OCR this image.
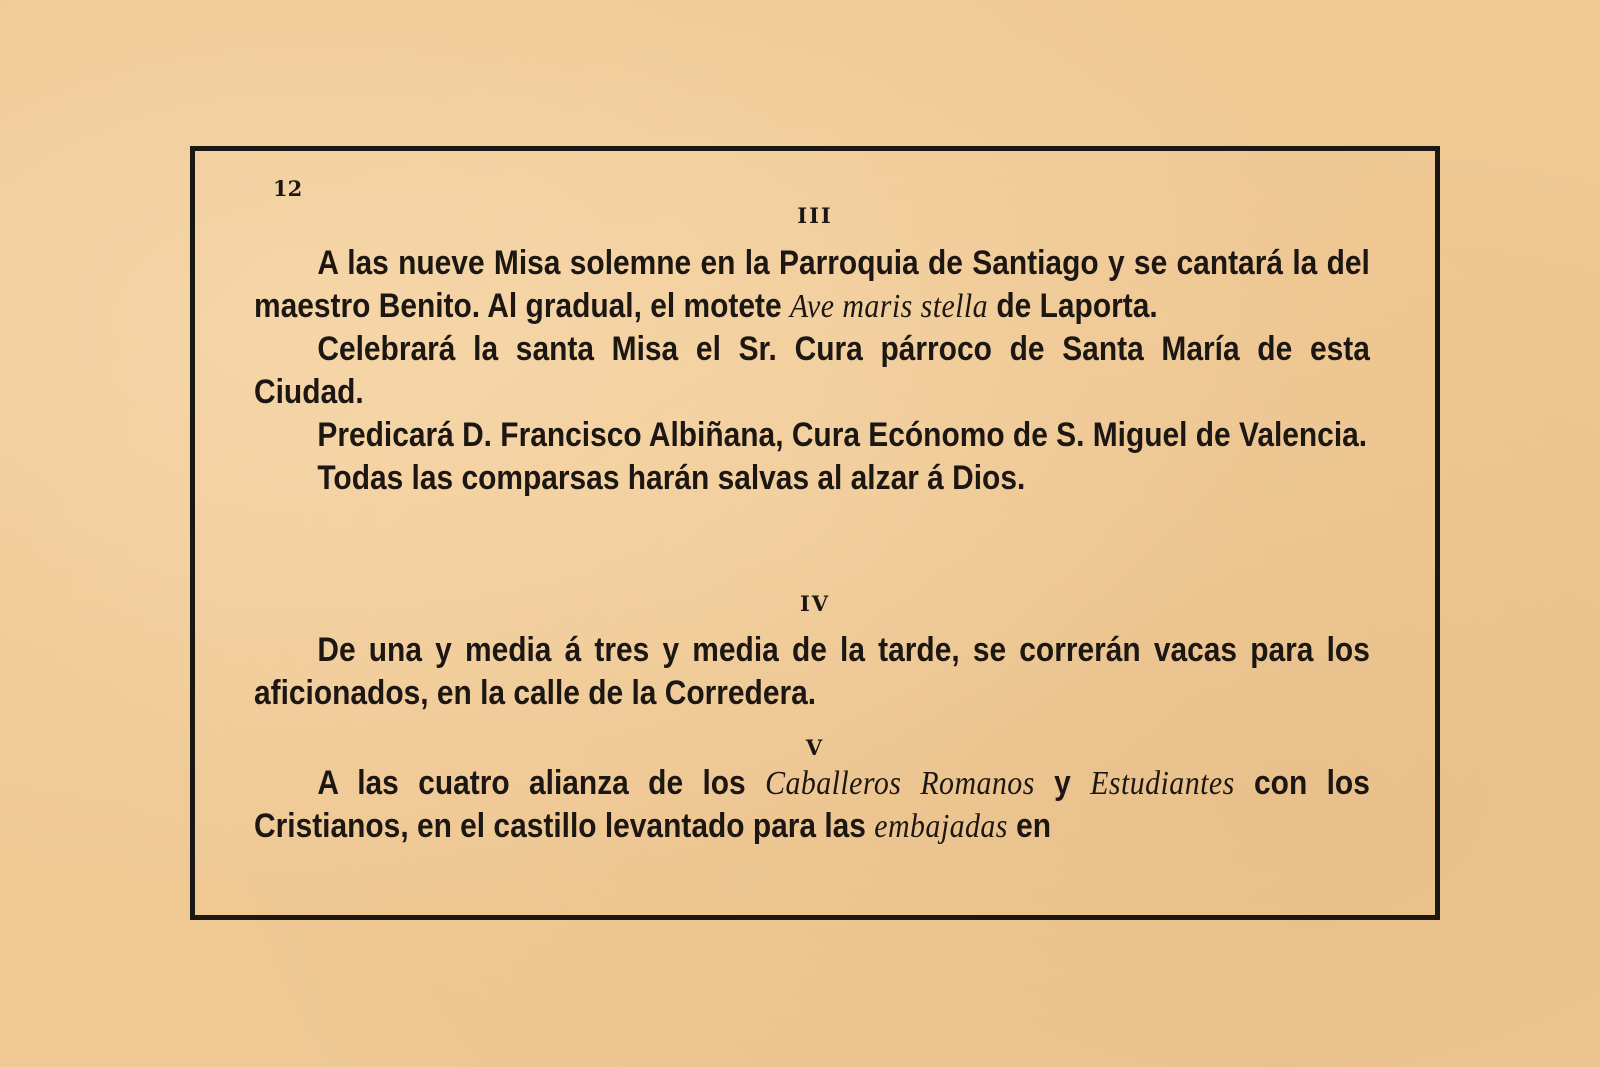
12
III

A las nueve Misa solemne en la Parroquia de Santiago y se cantará la del maestro Benito. Al gradual, el motete Ave maris stella de Laporta.

Celebrará la santa Misa el Sr. Cura párroco de Santa María de esta Ciudad.

Predicará D. Francisco Albiñana, Cura Ecónomo de S. Miguel de Valencia.

Todas las comparsas harán salvas al alzar á Dios.

IV

De una y media á tres y media de la tarde, se correrán vacas para los aficionados, en la calle de la Corredera.

V

A las cuatro alianza de los Caballeros Romanos y Estudiantes con los Cristianos, en el castillo levantado para las embajadas en
